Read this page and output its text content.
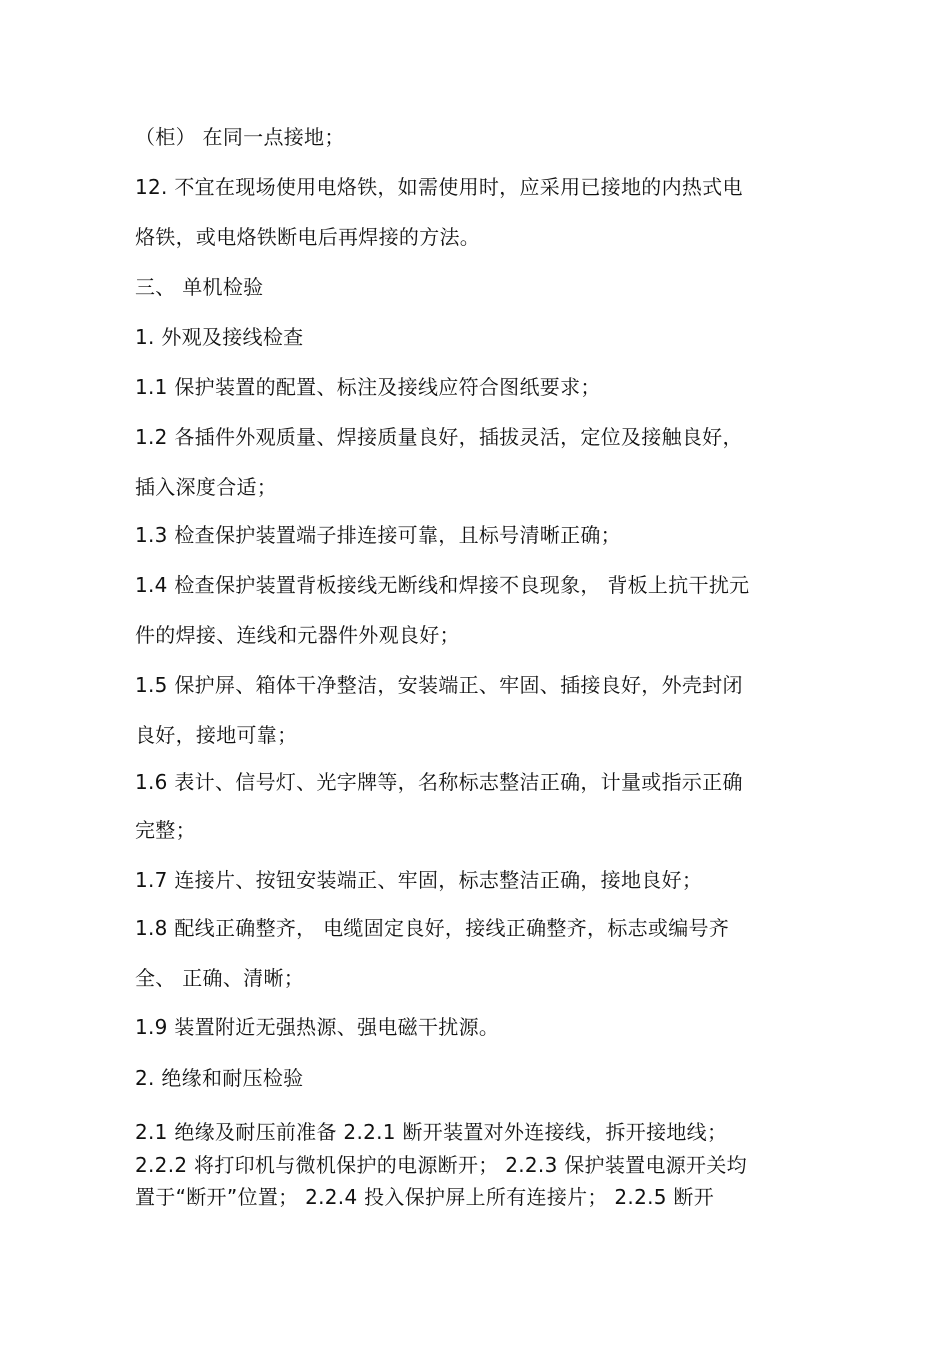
（柜） 在同一点接地；
12. 不宜在现场使用电烙铁，如需使用时，应采用已接地的内热式电
烙铁，或电烙铁断电后再焊接的方法。
三、 单机检验
1. 外观及接线检查
1.1 保护装置的配置、标注及接线应符合图纸要求；
1.2 各插件外观质量、焊接质量良好，插拔灵活，定位及接触良好，
插入深度合适；
1.3 检查保护装置端子排连接可靠，且标号清晰正确；
1.4 检查保护装置背板接线无断线和焊接不良现象， 背板上抗干扰元
件的焊接、连线和元器件外观良好；
1.5 保护屏、箱体干净整洁，安装端正、牢固、插接良好，外壳封闭
良好，接地可靠；
1.6 表计、信号灯、光字牌等，名称标志整洁正确，计量或指示正确
完整；
1.7 连接片、按钮安装端正、牢固，标志整洁正确，接地良好；
1.8 配线正确整齐， 电缆固定良好，接线正确整齐，标志或编号齐
全、 正确、清晰；
1.9 装置附近无强热源、强电磁干扰源。
2. 绝缘和耐压检验
2.1 绝缘及耐压前准备 2.2.1 断开装置对外连接线，拆开接地线；
2.2.2 将打印机与微机保护的电源断开； 2.2.3 保护装置电源开关均
置于“断开”位置； 2.2.4 投入保护屏上所有连接片； 2.2.5 断开
